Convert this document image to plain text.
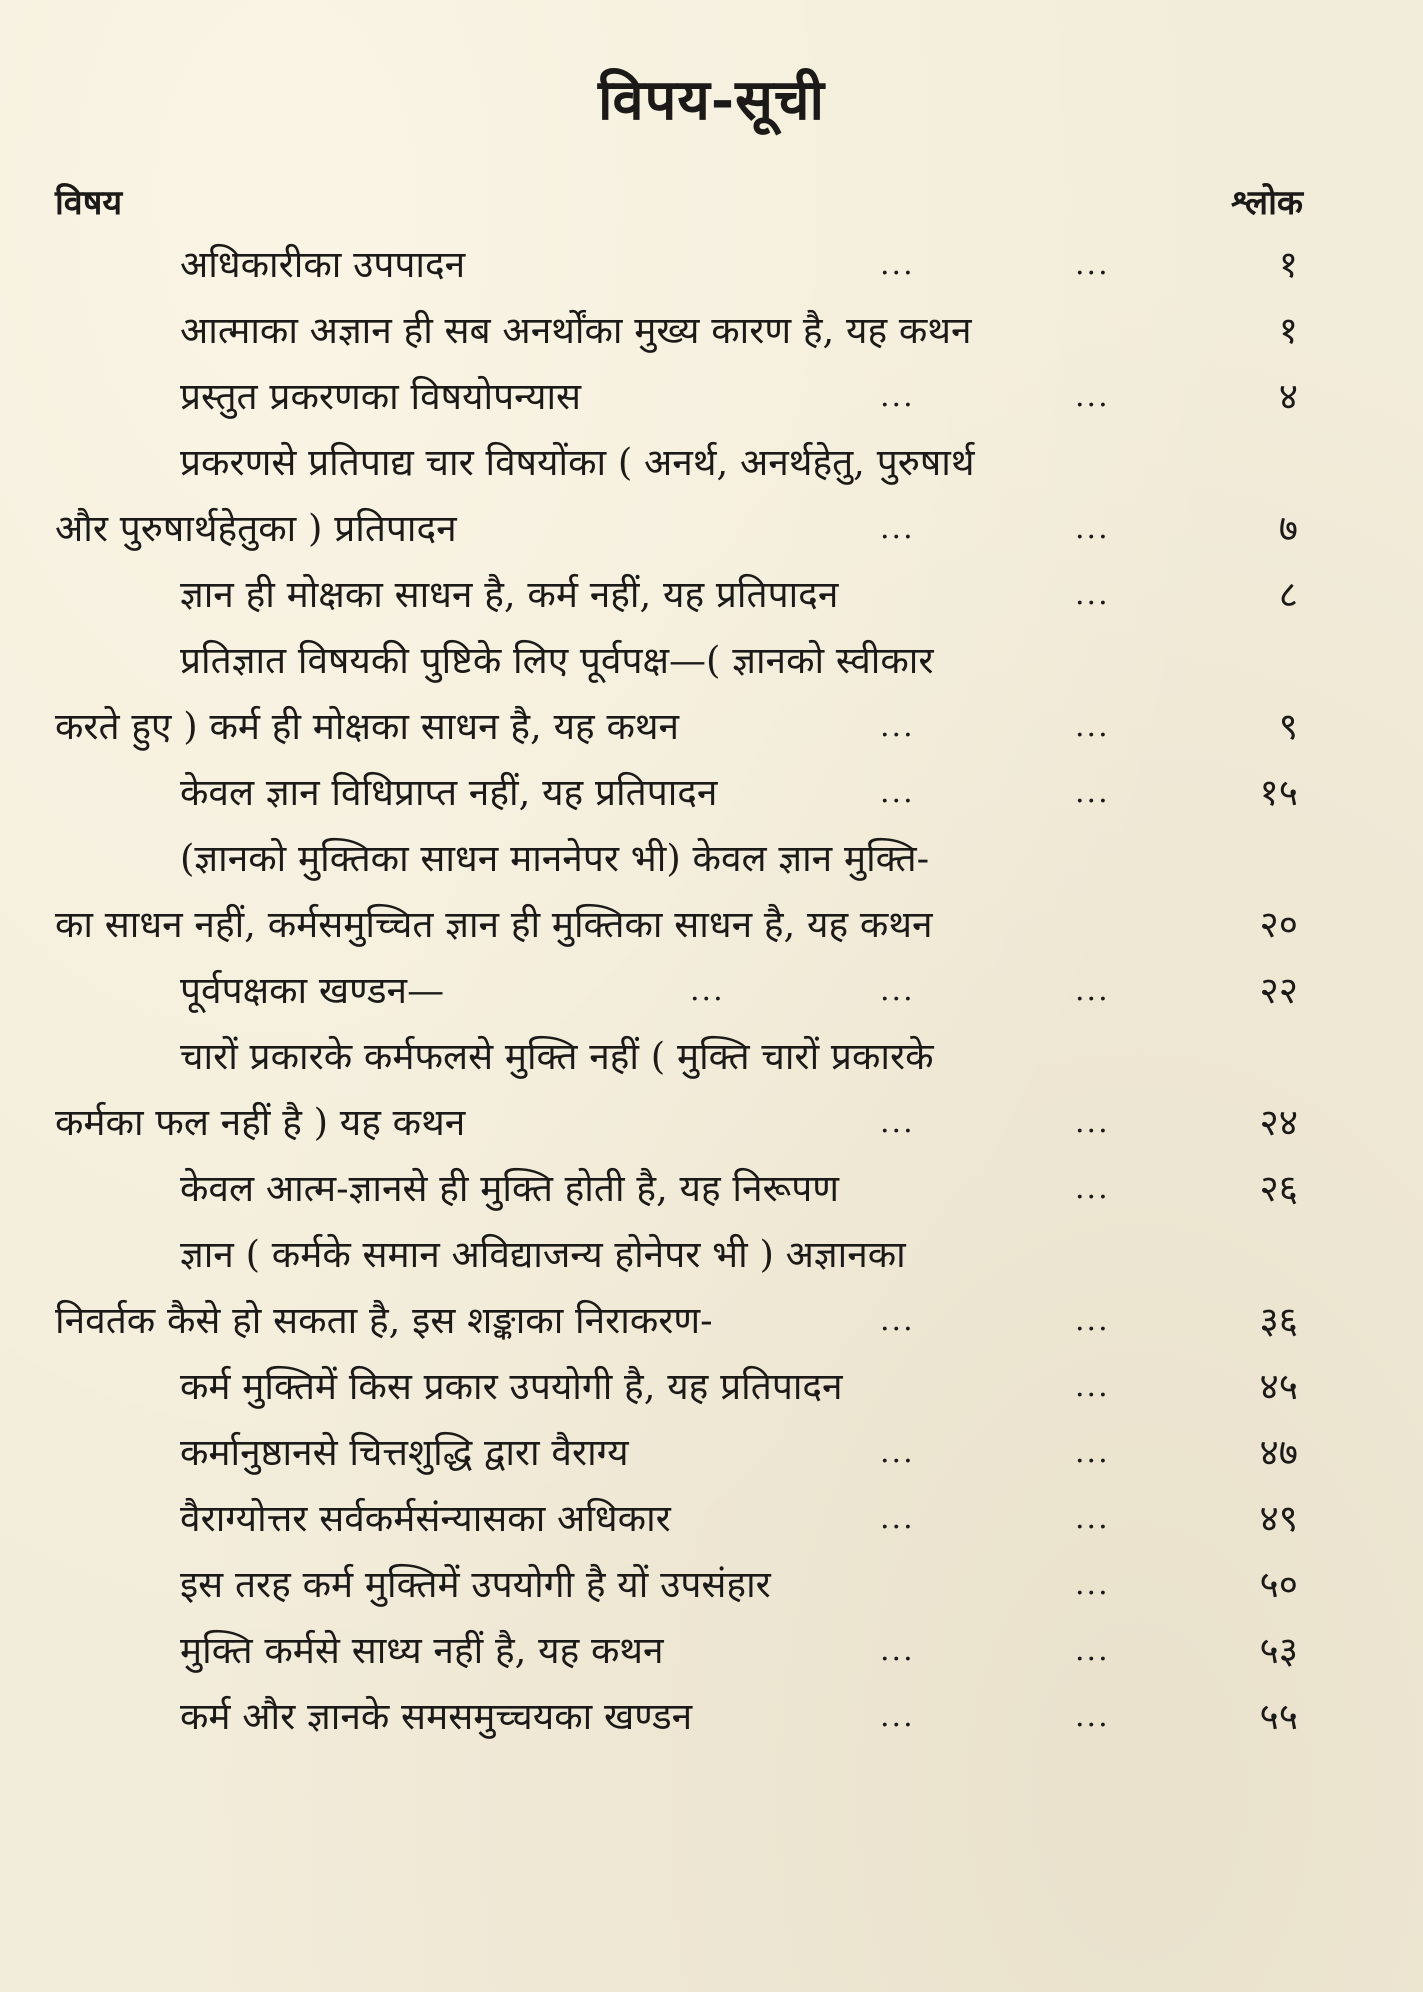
विपय-सूची
विषय	श्लोक
अधिकारीका उपपादन	...	...	१
आत्माका अज्ञान ही सब अनर्थोंका मुख्य कारण है, यह कथन	१
प्रस्तुत प्रकरणका विषयोपन्यास	...	...	४
प्रकरणसे प्रतिपाद्य चार विषयोंका ( अनर्थ, अनर्थहेतु, पुरुषार्थ
और पुरुषार्थहेतुका ) प्रतिपादन	...	...	७
ज्ञान ही मोक्षका साधन है, कर्म नहीं, यह प्रतिपादन	...	८
प्रतिज्ञात विषयकी पुष्टिके लिए पूर्वपक्ष—( ज्ञानको स्वीकार
करते हुए ) कर्म ही मोक्षका साधन है, यह कथन	...	...	९
केवल ज्ञान विधिप्राप्त नहीं, यह प्रतिपादन	...	...	१५
(ज्ञानको मुक्तिका साधन माननेपर भी) केवल ज्ञान मुक्ति-
का साधन नहीं, कर्मसमुच्चित ज्ञान ही मुक्तिका साधन है, यह कथन	२०
पूर्वपक्षका खण्डन—	...	...	...	२२
चारों प्रकारके कर्मफलसे मुक्ति नहीं ( मुक्ति चारों प्रकारके
कर्मका फल नहीं है ) यह कथन	...	...	२४
केवल आत्म-ज्ञानसे ही मुक्ति होती है, यह निरूपण	...	२६
ज्ञान ( कर्मके समान अविद्याजन्य होनेपर भी ) अज्ञानका
निवर्तक कैसे हो सकता है, इस शङ्काका निराकरण-	...	...	३६
कर्म मुक्तिमें किस प्रकार उपयोगी है, यह प्रतिपादन	...	४५
कर्मानुष्ठानसे चित्तशुद्धि द्वारा वैराग्य	...	...	४७
वैराग्योत्तर सर्वकर्मसंन्यासका अधिकार	...	...	४९
इस तरह कर्म मुक्तिमें उपयोगी है यों उपसंहार	...	५०
मुक्ति कर्मसे साध्य नहीं है, यह कथन	...	...	५३
कर्म और ज्ञानके समसमुच्चयका खण्डन	...	...	५५
